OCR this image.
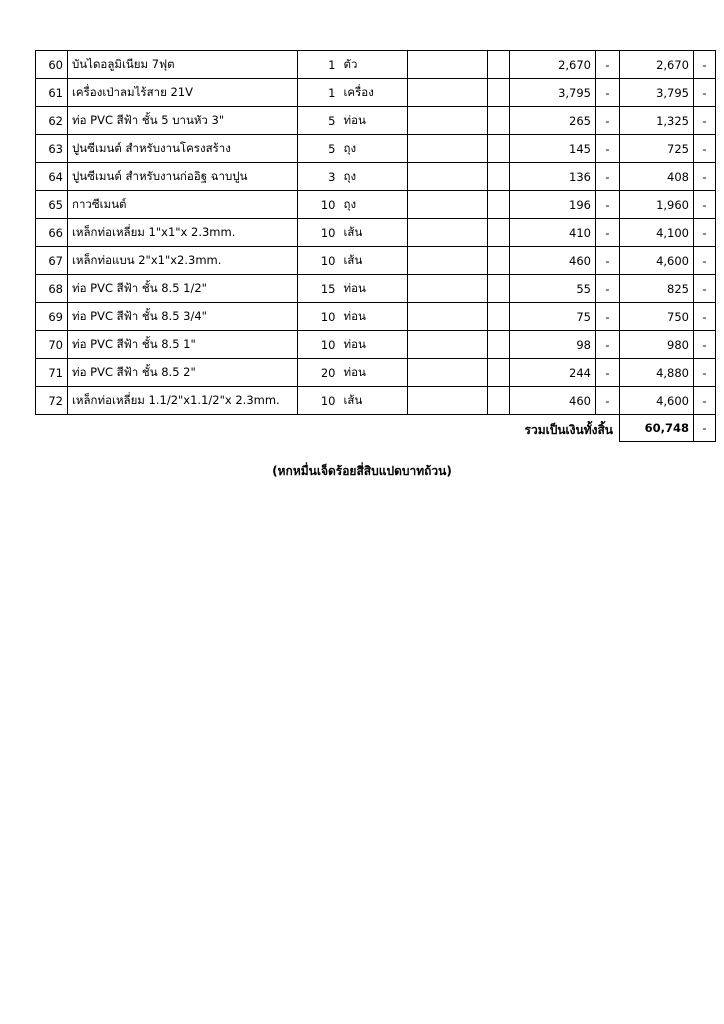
60	บันไดอลูมิเนียม 7ฟุต	1	ตัว			2,670	-	2,670	-
61	เครื่องเป่าลมไร้สาย 21V	1	เครื่อง			3,795	-	3,795	-
62	ท่อ PVC สีฟ้า ชั้น 5 บานหัว 3"	5	ท่อน			265	-	1,325	-
63	ปูนซีเมนต์ สำหรับงานโครงสร้าง	5	ถุง			145	-	725	-
64	ปูนซีเมนต์ สำหรับงานก่ออิฐ ฉาบปูน	3	ถุง			136	-	408	-
65	กาวซีเมนต์	10	ถุง			196	-	1,960	-
66	เหล็กท่อเหลี่ยม 1"x1"x 2.3mm.	10	เส้น			410	-	4,100	-
67	เหล็กท่อแบน 2"x1"x2.3mm.	10	เส้น			460	-	4,600	-
68	ท่อ PVC สีฟ้า ชั้น 8.5 1/2"	15	ท่อน			55	-	825	-
69	ท่อ PVC สีฟ้า ชั้น 8.5 3/4"	10	ท่อน			75	-	750	-
70	ท่อ PVC สีฟ้า ชั้น 8.5 1"	10	ท่อน			98	-	980	-
71	ท่อ PVC สีฟ้า ชั้น 8.5 2"	20	ท่อน			244	-	4,880	-
72	เหล็กท่อเหลี่ยม 1.1/2"x1.1/2"x 2.3mm.	10	เส้น			460	-	4,600	-

							รวมเป็นเงินทั้งสิ้น	60,748	-
(หกหมื่นเจ็ดร้อยสี่สิบแปดบาทถ้วน)
